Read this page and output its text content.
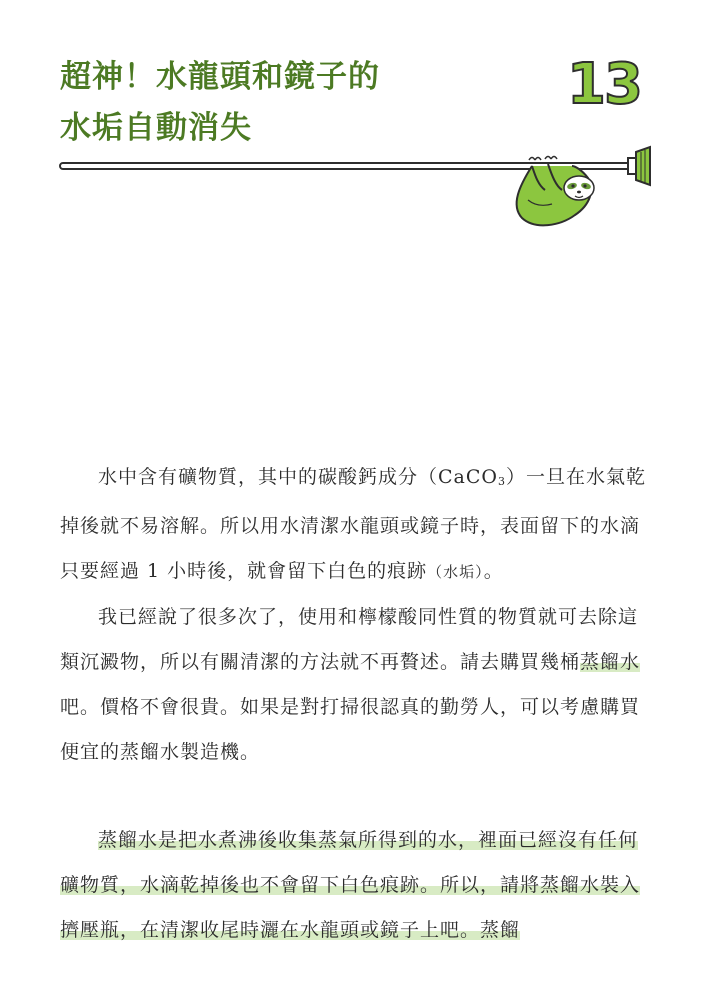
超神！水龍頭和鏡子的
水垢自動消失
13

水中含有礦物質，其中的碳酸鈣成分（CaCO3）一旦在水氣乾掉後就不易溶解。所以用水清潔水龍頭或鏡子時，表面留下的水滴只要經過 1 小時後，就會留下白色的痕跡（水垢）。

我已經說了很多次了，使用和檸檬酸同性質的物質就可去除這類沉澱物，所以有關清潔的方法就不再贅述。請去購買幾桶蒸餾水吧。價格不會很貴。如果是對打掃很認真的勤勞人，可以考慮購買便宜的蒸餾水製造機。

蒸餾水是把水煮沸後收集蒸氣所得到的水，裡面已經沒有任何礦物質，水滴乾掉後也不會留下白色痕跡。所以，請將蒸餾水裝入擠壓瓶，在清潔收尾時灑在水龍頭或鏡子上吧。蒸餾
